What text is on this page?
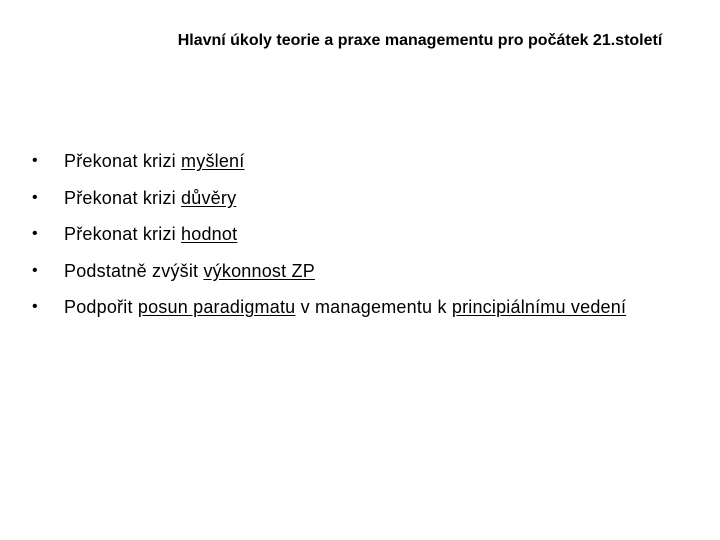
Hlavní úkoly teorie a praxe managementu pro počátek 21.století
• Překonat krizi myšlení
• Překonat krizi důvěry
• Překonat krizi hodnot
• Podstatně zvýšit výkonnost ZP
• Podpořit posun paradigmatu v managementu k principiálnímu vedení
